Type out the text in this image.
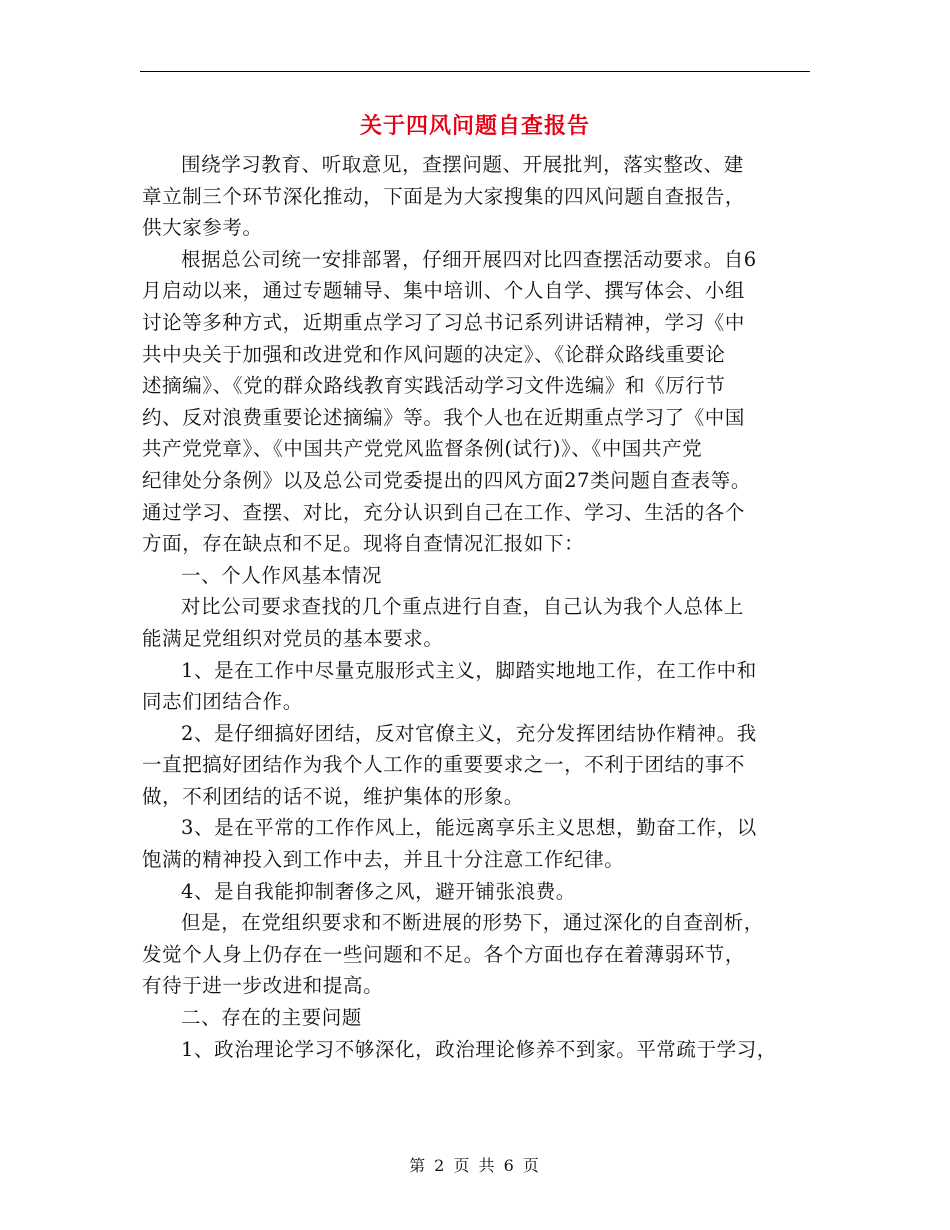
关于四风问题自查报告
围绕学习教育、听取意见，查摆问题、开展批判，落实整改、建
章立制三个环节深化推动，下面是为大家搜集的四风问题自查报告，
供大家参考。
根据总公司统一安排部署，仔细开展四对比四查摆活动要求。自6
月启动以来，通过专题辅导、集中培训、个人自学、撰写体会、小组
讨论等多种方式，近期重点学习了习总书记系列讲话精神，学习《中
共中央关于加强和改进党和作风问题的决定》、《论群众路线重要论
述摘编》、《党的群众路线教育实践活动学习文件选编》和《厉行节
约、反对浪费重要论述摘编》等。我个人也在近期重点学习了《中国
共产党党章》、《中国共产党党风监督条例(试行)》、《中国共产党
纪律处分条例》以及总公司党委提出的四风方面27类问题自查表等。
通过学习、查摆、对比，充分认识到自己在工作、学习、生活的各个
方面，存在缺点和不足。现将自查情况汇报如下：
一、个人作风基本情况
对比公司要求查找的几个重点进行自查，自己认为我个人总体上
能满足党组织对党员的基本要求。
1、是在工作中尽量克服形式主义，脚踏实地地工作，在工作中和
同志们团结合作。
2、是仔细搞好团结，反对官僚主义，充分发挥团结协作精神。我
一直把搞好团结作为我个人工作的重要要求之一，不利于团结的事不
做，不利团结的话不说，维护集体的形象。
3、是在平常的工作作风上，能远离享乐主义思想，勤奋工作，以
饱满的精神投入到工作中去，并且十分注意工作纪律。
4、是自我能抑制奢侈之风，避开铺张浪费。
但是，在党组织要求和不断进展的形势下，通过深化的自查剖析，
发觉个人身上仍存在一些问题和不足。各个方面也存在着薄弱环节，
有待于进一步改进和提高。
二、存在的主要问题
1、政治理论学习不够深化，政治理论修养不到家。平常疏于学习，
第 2 页 共 6 页
